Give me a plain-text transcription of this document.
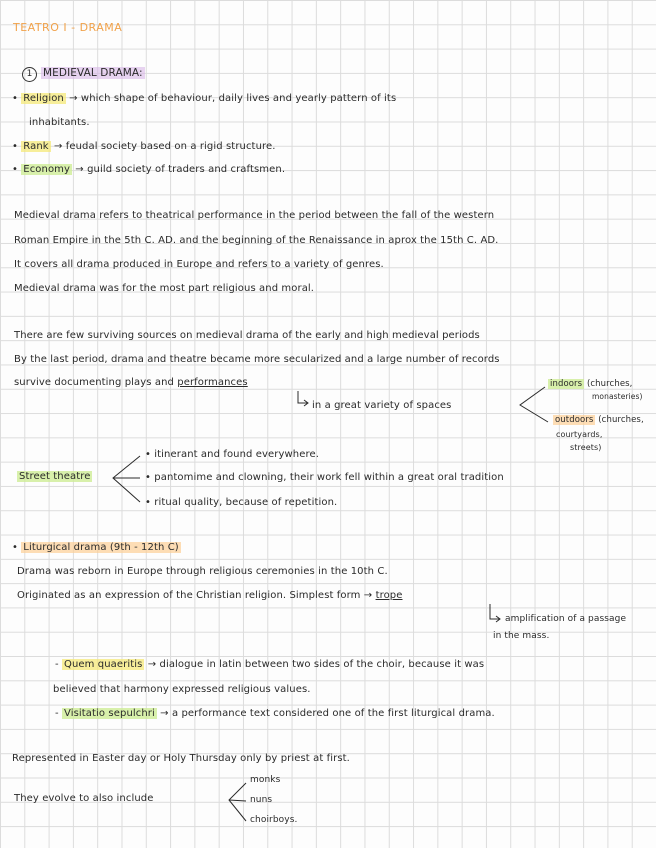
TEATRO I - DRAMA
1 MEDIEVAL DRAMA:
• Religion → which shape of behaviour, daily lives and yearly pattern of its
inhabitants.
• Rank → feudal society based on a rigid structure.
• Economy → guild society of traders and craftsmen.
Medieval drama refers to theatrical performance in the period between the fall of the western
Roman Empire in the 5th C. AD. and the beginning of the Renaissance in aprox the 15th C. AD.
It covers all drama produced in Europe and refers to a variety of genres.
Medieval drama was for the most part religious and moral.
There are few surviving sources on medieval drama of the early and high medieval periods
By the last period, drama and theatre became more secularized and a large number of records
survive documenting plays and performances
in a great variety of spaces
indoors (churches,
monasteries)
outdoors (churches,
courtyards,
streets)
Street theatre
• itinerant and found everywhere.
• pantomime and clowning, their work fell within a great oral tradition
• ritual quality, because of repetition.
• Liturgical drama (9th - 12th C)
Drama was reborn in Europe through religious ceremonies in the 10th C.
Originated as an expression of the Christian religion. Simplest form → trope
amplification of a passage
in the mass.
- Quem quaeritis → dialogue in latin between two sides of the choir, because it was
believed that harmony expressed religious values.
- Visitatio sepulchri → a performance text considered one of the first liturgical drama.
Represented in Easter day or Holy Thursday only by priest at first.
They evolve to also include
monks
nuns
choirboys.
